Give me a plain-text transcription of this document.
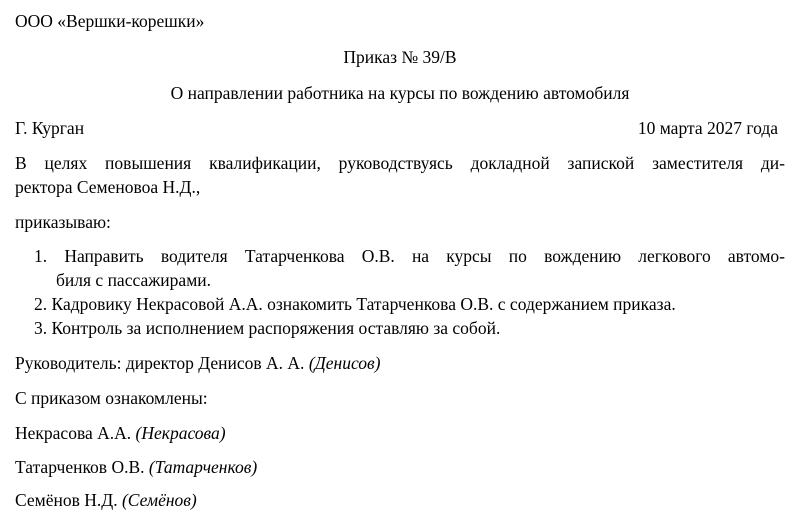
ООО «Вершки-корешки»
Приказ № 39/В
О направлении работника на курсы по вождению автомобиля
Г. Курган	10 марта 2027 года
В целях повышения квалификации, руководствуясь докладной запиской заместителя ди-
ректора Семеновоа Н.Д.,
приказываю:
1. Направить водителя Татарченкова О.В. на курсы по вождению легкового автомо-
биля с пассажирами.
2. Кадровику Некрасовой А.А. ознакомить Татарченкова О.В. с содержанием приказа.
3. Контроль за исполнением распоряжения оставляю за собой.
Руководитель: директор Денисов А. А. (Денисов)
С приказом ознакомлены:
Некрасова А.А. (Некрасова)
Татарченков О.В. (Татарченков)
Семёнов Н.Д. (Семёнов)
